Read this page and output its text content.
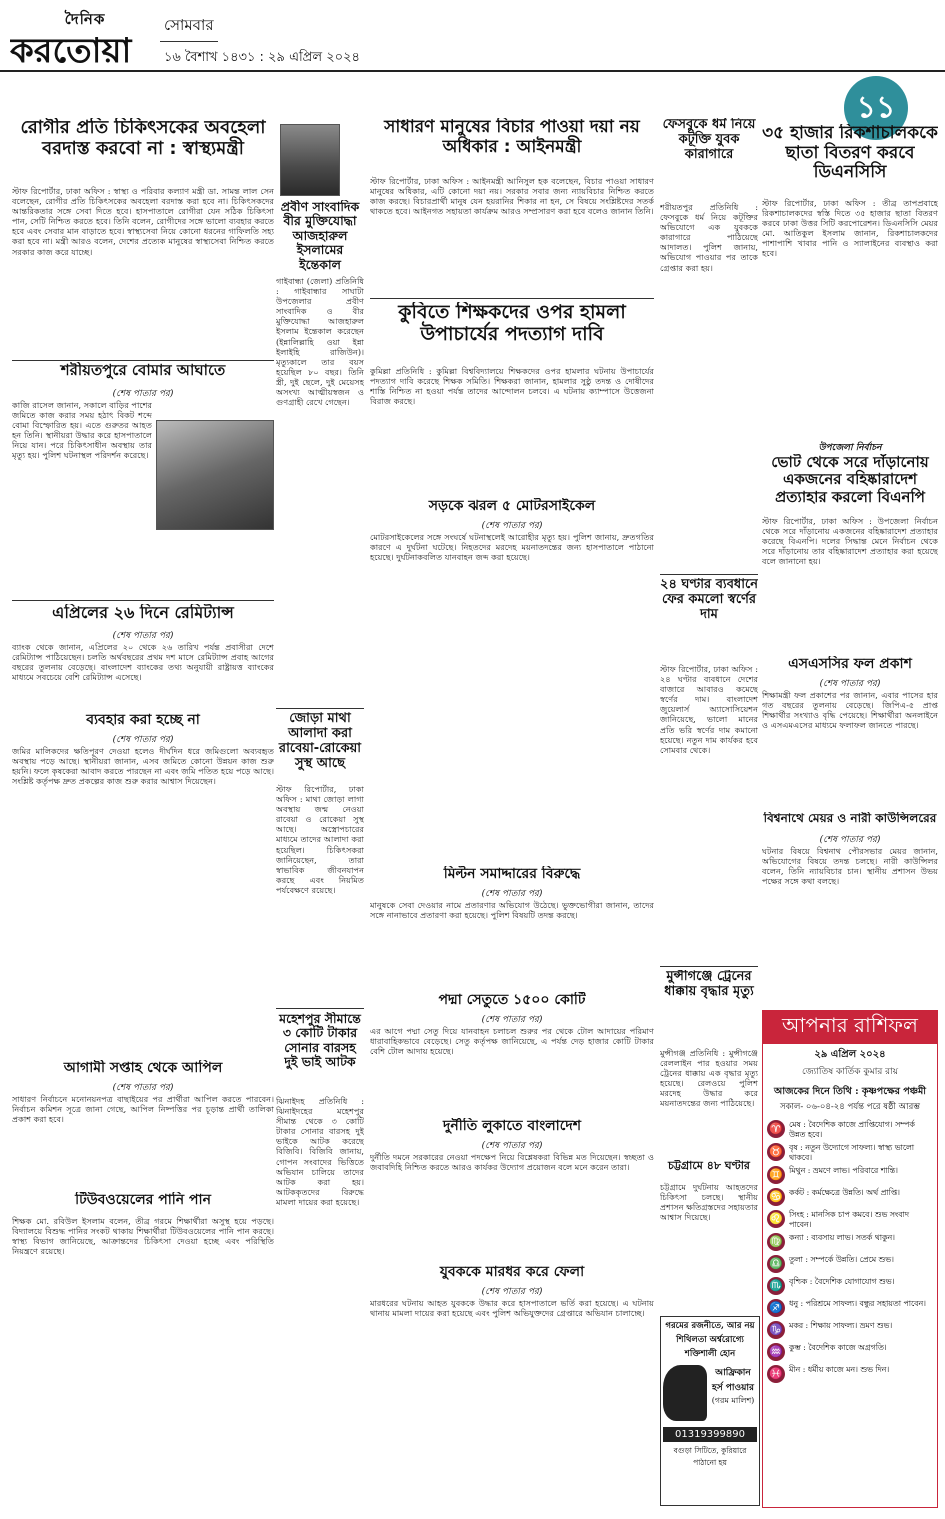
দৈনিক
করতোয়া
সোমবার
১৬ বৈশাখ ১৪৩১ : ২৯ এপ্রিল ২০২৪
১১
রোগীর প্রতি চিকিৎসকের অবহেলা বরদাস্ত করবো না : স্বাস্থ্যমন্ত্রী
স্টাফ রিপোর্টার, ঢাকা অফিস : স্বাস্থ্য ও পরিবার কল্যাণ মন্ত্রী ডা. সামন্ত লাল সেন বলেছেন, রোগীর প্রতি চিকিৎসকের অবহেলা বরদাস্ত করা হবে না। চিকিৎসকদের আন্তরিকতার সঙ্গে সেবা দিতে হবে। হাসপাতালে রোগীরা যেন সঠিক চিকিৎসা পান, সেটি নিশ্চিত করতে হবে। তিনি বলেন, রোগীদের সঙ্গে ভালো ব্যবহার করতে হবে এবং সেবার মান বাড়াতে হবে। স্বাস্থ্যসেবা নিয়ে কোনো ধরনের গাফিলতি সহ্য করা হবে না। মন্ত্রী আরও বলেন, দেশের প্রত্যেক মানুষের স্বাস্থ্যসেবা নিশ্চিত করতে সরকার কাজ করে যাচ্ছে।
শরীয়তপুরে বোমার আঘাতে
(শেষ পাতার পর)
কাজি রাসেল জানান, সকালে বাড়ির পাশের জমিতে কাজ করার সময় হঠাৎ বিকট শব্দে বোমা বিস্ফোরিত হয়। এতে গুরুতর আহত হন তিনি। স্থানীয়রা উদ্ধার করে হাসপাতালে নিয়ে যান। পরে চিকিৎসাধীন অবস্থায় তার মৃত্যু হয়। পুলিশ ঘটনাস্থল পরিদর্শন করেছে।
এপ্রিলের ২৬ দিনে রেমিট্যান্স
(শেষ পাতার পর)
ব্যাংক থেকে জানান, এপ্রিলের ২০ থেকে ২৬ তারিখ পর্যন্ত প্রবাসীরা দেশে রেমিট্যান্স পাঠিয়েছেন। চলতি অর্থবছরের প্রথম দশ মাসে রেমিট্যান্স প্রবাহ আগের বছরের তুলনায় বেড়েছে। বাংলাদেশ ব্যাংকের তথ্য অনুযায়ী রাষ্ট্রায়ত্ত ব্যাংকের মাধ্যমে সবচেয়ে বেশি রেমিট্যান্স এসেছে।
ব্যবহার করা হচ্ছে না
(শেষ পাতার পর)
জমির মালিকদের ক্ষতিপূরণ দেওয়া হলেও দীর্ঘদিন ধরে জমিগুলো অব্যবহৃত অবস্থায় পড়ে আছে। স্থানীয়রা জানান, এসব জমিতে কোনো উন্নয়ন কাজ শুরু হয়নি। ফলে কৃষকেরা আবাদ করতে পারছেন না এবং জমি পতিত হয়ে পড়ে আছে। সংশ্লিষ্ট কর্তৃপক্ষ দ্রুত প্রকল্পের কাজ শুরু করার আশ্বাস দিয়েছেন।
আগামী সপ্তাহ থেকে আপিল
(শেষ পাতার পর)
সাধারণ নির্বাচনে মনোনয়নপত্র বাছাইয়ের পর প্রার্থীরা আপিল করতে পারবেন। নির্বাচন কমিশন সূত্রে জানা গেছে, আপিল নিষ্পত্তির পর চূড়ান্ত প্রার্থী তালিকা প্রকাশ করা হবে।
টিউবওয়েলের পানি পান
শিক্ষক মো. রবিউল ইসলাম বলেন, তীব্র গরমে শিক্ষার্থীরা অসুস্থ হয়ে পড়ছে। বিদ্যালয়ে বিশুদ্ধ পানির সংকট থাকায় শিক্ষার্থীরা টিউবওয়েলের পানি পান করছে। স্বাস্থ্য বিভাগ জানিয়েছে, আক্রান্তদের চিকিৎসা দেওয়া হচ্ছে এবং পরিস্থিতি নিয়ন্ত্রণে রয়েছে।
প্রবীণ সাংবাদিক বীর মুক্তিযোদ্ধা আজহারুল ইসলামের ইন্তেকাল
গাইবান্ধা (জেলা) প্রতিনিধি : গাইবান্ধার সাঘাটা উপজেলার প্রবীণ সাংবাদিক ও বীর মুক্তিযোদ্ধা আজহারুল ইসলাম ইন্তেকাল করেছেন (ইন্নালিল্লাহি ওয়া ইন্না ইলাইহি রাজিউন)। মৃত্যুকালে তার বয়স হয়েছিল ৮০ বছর। তিনি স্ত্রী, দুই ছেলে, দুই মেয়েসহ অসংখ্য আত্মীয়স্বজন ও গুণগ্রাহী রেখে গেছেন।
জোড়া মাথা আলাদা করা রাবেয়া-রোকেয়া সুস্থ আছে
স্টাফ রিপোর্টার, ঢাকা অফিস : মাথা জোড়া লাগা অবস্থায় জন্ম নেওয়া রাবেয়া ও রোকেয়া সুস্থ আছে। অস্ত্রোপচারের মাধ্যমে তাদের আলাদা করা হয়েছিল। চিকিৎসকরা জানিয়েছেন, তারা স্বাভাবিক জীবনযাপন করছে এবং নিয়মিত পর্যবেক্ষণে রয়েছে।
মহেশপুর সীমান্তে ৩ কোটি টাকার সোনার বারসহ দুই ভাই আটক
ঝিনাইদহ প্রতিনিধি : ঝিনাইদহের মহেশপুর সীমান্ত থেকে ৩ কোটি টাকার সোনার বারসহ দুই ভাইকে আটক করেছে বিজিবি। বিজিবি জানায়, গোপন সংবাদের ভিত্তিতে অভিযান চালিয়ে তাদের আটক করা হয়। আটককৃতদের বিরুদ্ধে মামলা দায়ের করা হয়েছে।
সাধারণ মানুষের বিচার পাওয়া দয়া নয় অধিকার : আইনমন্ত্রী
স্টাফ রিপোর্টার, ঢাকা অফিস : আইনমন্ত্রী আনিসুল হক বলেছেন, বিচার পাওয়া সাধারণ মানুষের অধিকার, এটি কোনো দয়া নয়। সরকার সবার জন্য ন্যায়বিচার নিশ্চিত করতে কাজ করছে। বিচারপ্রার্থী মানুষ যেন হয়রানির শিকার না হন, সে বিষয়ে সংশ্লিষ্টদের সতর্ক থাকতে হবে। আইনগত সহায়তা কার্যক্রম আরও সম্প্রসারণ করা হবে বলেও জানান তিনি।
কুবিতে শিক্ষকদের ওপর হামলা উপাচার্যের পদত্যাগ দাবি
কুমিল্লা প্রতিনিধি : কুমিল্লা বিশ্ববিদ্যালয়ে শিক্ষকদের ওপর হামলার ঘটনায় উপাচার্যের পদত্যাগ দাবি করেছে শিক্ষক সমিতি। শিক্ষকরা জানান, হামলার সুষ্ঠু তদন্ত ও দোষীদের শাস্তি নিশ্চিত না হওয়া পর্যন্ত তাদের আন্দোলন চলবে। এ ঘটনায় ক্যাম্পাসে উত্তেজনা বিরাজ করছে।
সড়কে ঝরল ৫ মোটরসাইকেল
(শেষ পাতার পর)
মোটরসাইকেলের সঙ্গে সংঘর্ষে ঘটনাস্থলেই আরোহীর মৃত্যু হয়। পুলিশ জানায়, দ্রুতগতির কারণে এ দুর্ঘটনা ঘটেছে। নিহতদের মরদেহ ময়নাতদন্তের জন্য হাসপাতালে পাঠানো হয়েছে। দুর্ঘটনাকবলিত যানবাহন জব্দ করা হয়েছে।
মিল্টন সমাদ্দারের বিরুদ্ধে
(শেষ পাতার পর)
মানুষকে সেবা দেওয়ার নামে প্রতারণার অভিযোগ উঠেছে। ভুক্তভোগীরা জানান, তাদের সঙ্গে নানাভাবে প্রতারণা করা হয়েছে। পুলিশ বিষয়টি তদন্ত করছে।
পদ্মা সেতুতে ১৫০০ কোটি
(শেষ পাতার পর)
এর আগে পদ্মা সেতু দিয়ে যানবাহন চলাচল শুরুর পর থেকে টোল আদায়ের পরিমাণ ধারাবাহিকভাবে বেড়েছে। সেতু কর্তৃপক্ষ জানিয়েছে, এ পর্যন্ত দেড় হাজার কোটি টাকার বেশি টোল আদায় হয়েছে।
দুর্নীতি লুকাতে বাংলাদেশ
(শেষ পাতার পর)
দুর্নীতি দমনে সরকারের নেওয়া পদক্ষেপ নিয়ে বিশ্লেষকরা বিভিন্ন মত দিয়েছেন। স্বচ্ছতা ও জবাবদিহি নিশ্চিত করতে আরও কার্যকর উদ্যোগ প্রয়োজন বলে মনে করেন তারা।
যুবককে মারধর করে ফেলা
(শেষ পাতার পর)
মারধরের ঘটনায় আহত যুবককে উদ্ধার করে হাসপাতালে ভর্তি করা হয়েছে। এ ঘটনায় থানায় মামলা দায়ের করা হয়েছে এবং পুলিশ অভিযুক্তদের গ্রেপ্তারে অভিযান চালাচ্ছে।
ফেসবুকে ধর্ম নিয়ে কটূক্তি যুবক কারাগারে
শরীয়তপুর প্রতিনিধি : ফেসবুকে ধর্ম নিয়ে কটূক্তির অভিযোগে এক যুবককে কারাগারে পাঠিয়েছে আদালত। পুলিশ জানায়, অভিযোগ পাওয়ার পর তাকে গ্রেপ্তার করা হয়।
২৪ ঘণ্টার ব্যবধানে ফের কমলো স্বর্ণের দাম
স্টাফ রিপোর্টার, ঢাকা অফিস : ২৪ ঘণ্টার ব্যবধানে দেশের বাজারে আবারও কমেছে স্বর্ণের দাম। বাংলাদেশ জুয়েলার্স অ্যাসোসিয়েশন জানিয়েছে, ভালো মানের প্রতি ভরি স্বর্ণের দাম কমানো হয়েছে। নতুন দাম কার্যকর হবে সোমবার থেকে।
মুন্সীগঞ্জে ট্রেনের ধাক্কায় বৃদ্ধার মৃত্যু
মুন্সীগঞ্জ প্রতিনিধি : মুন্সীগঞ্জে রেললাইন পার হওয়ার সময় ট্রেনের ধাক্কায় এক বৃদ্ধার মৃত্যু হয়েছে। রেলওয়ে পুলিশ মরদেহ উদ্ধার করে ময়নাতদন্তের জন্য পাঠিয়েছে।
চট্টগ্রামে ৪৮ ঘণ্টার
চট্টগ্রামে দুর্ঘটনায় আহতদের চিকিৎসা চলছে। স্থানীয় প্রশাসন ক্ষতিগ্রস্তদের সহায়তার আশ্বাস দিয়েছে।
গরমের রজনীতে, আর নয় শিথিলতা অর্শ্বরোগ্যে শক্তিশালী হোন
আফ্রিকান হর্স পাওয়ার
(গরম মালিশ)
01319399890
বগুড়া সিটিতে, কুরিয়ারে পাঠানো হয়
৩৫ হাজার রিকশাচালককে ছাতা বিতরণ করবে ডিএনসিসি
স্টাফ রিপোর্টার, ঢাকা অফিস : তীব্র তাপপ্রবাহে রিকশাচালকদের স্বস্তি দিতে ৩৫ হাজার ছাতা বিতরণ করবে ঢাকা উত্তর সিটি করপোরেশন। ডিএনসিসি মেয়র মো. আতিকুল ইসলাম জানান, রিকশাচালকদের পাশাপাশি খাবার পানি ও স্যালাইনের ব্যবস্থাও করা হবে।
উপজেলা নির্বাচন
ভোট থেকে সরে দাঁড়ানোয় একজনের বহিষ্কারাদেশ প্রত্যাহার করলো বিএনপি
স্টাফ রিপোর্টার, ঢাকা অফিস : উপজেলা নির্বাচন থেকে সরে দাঁড়ানোয় একজনের বহিষ্কারাদেশ প্রত্যাহার করেছে বিএনপি। দলের সিদ্ধান্ত মেনে নির্বাচন থেকে সরে দাঁড়ানোয় তার বহিষ্কারাদেশ প্রত্যাহার করা হয়েছে বলে জানানো হয়।
এসএসসির ফল প্রকাশ
(শেষ পাতার পর)
শিক্ষামন্ত্রী ফল প্রকাশের পর জানান, এবার পাসের হার গত বছরের তুলনায় বেড়েছে। জিপিএ-৫ প্রাপ্ত শিক্ষার্থীর সংখ্যাও বৃদ্ধি পেয়েছে। শিক্ষার্থীরা অনলাইনে ও এসএমএসের মাধ্যমে ফলাফল জানতে পারছে।
বিশ্বনাথে মেয়র ও নারী কাউন্সিলরের
(শেষ পাতার পর)
ঘটনার বিষয়ে বিশ্বনাথ পৌরসভার মেয়র জানান, অভিযোগের বিষয়ে তদন্ত চলছে। নারী কাউন্সিলর বলেন, তিনি ন্যায়বিচার চান। স্থানীয় প্রশাসন উভয় পক্ষের সঙ্গে কথা বলছে।
আপনার রাশিফল
২৯ এপ্রিল ২০২৪
জ্যোতিষ কার্তিক কুমার রায়
আজকের দিনে তিথি : কৃষ্ণপক্ষের পঞ্চমী
সকাল- ০৬-০৪-২৪ পর্যন্ত পরে ষষ্ঠী আরম্ভ
♈ মেষ : বৈদেশিক কাজে প্রাপ্তিযোগ। সম্পর্ক উন্নত হবে।
♉ বৃষ : নতুন উদ্যোগে সাফল্য। স্বাস্থ্য ভালো থাকবে।
♊ মিথুন : ভ্রমণে লাভ। পরিবারে শান্তি।
♋ কর্কট : কর্মক্ষেত্রে উন্নতি। অর্থ প্রাপ্তি।
♌ সিংহ : মানসিক চাপ কমবে। শুভ সংবাদ পাবেন।
♍ কন্যা : ব্যবসায় লাভ। সতর্ক থাকুন।
♎ তুলা : সম্পর্কে উন্নতি। প্রেমে শুভ।
♏ বৃশ্চিক : বৈদেশিক যোগাযোগ শুভ।
♐ ধনু : পরিশ্রমে সাফল্য। বন্ধুর সহায়তা পাবেন।
♑ মকর : শিক্ষায় সাফল্য। ভ্রমণ শুভ।
♒ কুম্ভ : বৈদেশিক কাজে অগ্রগতি।
♓ মীন : ধর্মীয় কাজে মন। শুভ দিন।
